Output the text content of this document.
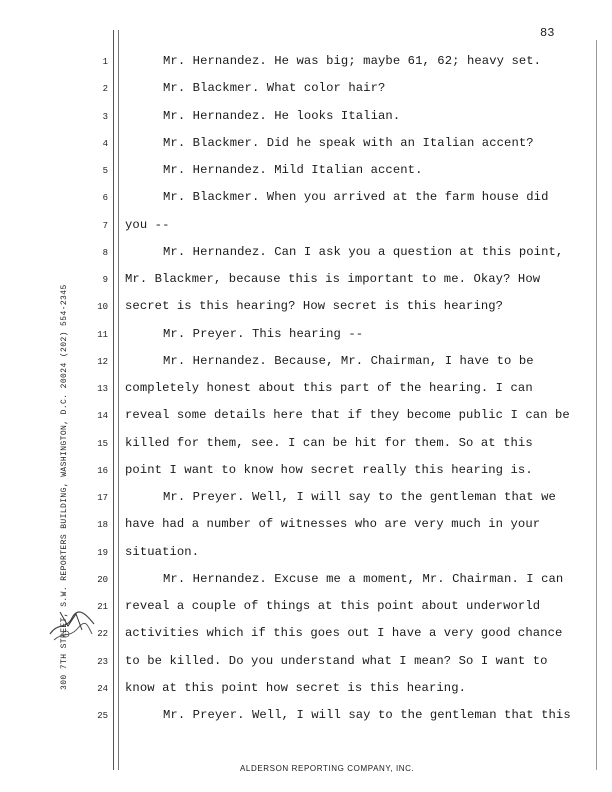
83
300 7TH STREET, S.W. REPORTERS BUILDING, WASHINGTON, D.C. 20024 (202) 554-2345
1	Mr. Hernandez. He was big; maybe 61, 62; heavy set.
2	Mr. Blackmer. What color hair?
3	Mr. Hernandez. He looks Italian.
4	Mr. Blackmer. Did he speak with an Italian accent?
5	Mr. Hernandez. Mild Italian accent.
6	Mr. Blackmer. When you arrived at the farm house did
7 you --
8	Mr. Hernandez. Can I ask you a question at this point,
9 Mr. Blackmer, because this is important to me. Okay? How
10 secret is this hearing? How secret is this hearing?
11	Mr. Preyer. This hearing --
12	Mr. Hernandez. Because, Mr. Chairman, I have to be
13 completely honest about this part of the hearing. I can
14 reveal some details here that if they become public I can be
15 killed for them, see. I can be hit for them. So at this
16 point I want to know how secret really this hearing is.
17	Mr. Preyer. Well, I will say to the gentleman that we
18 have had a number of witnesses who are very much in your
19 situation.
20	Mr. Hernandez. Excuse me a moment, Mr. Chairman. I can
21 reveal a couple of things at this point about underworld
22 activities which if this goes out I have a very good chance
23 to be killed. Do you understand what I mean? So I want to
24 know at this point how secret is this hearing.
25	Mr. Preyer. Well, I will say to the gentleman that this
ALDERSON REPORTING COMPANY, INC.
